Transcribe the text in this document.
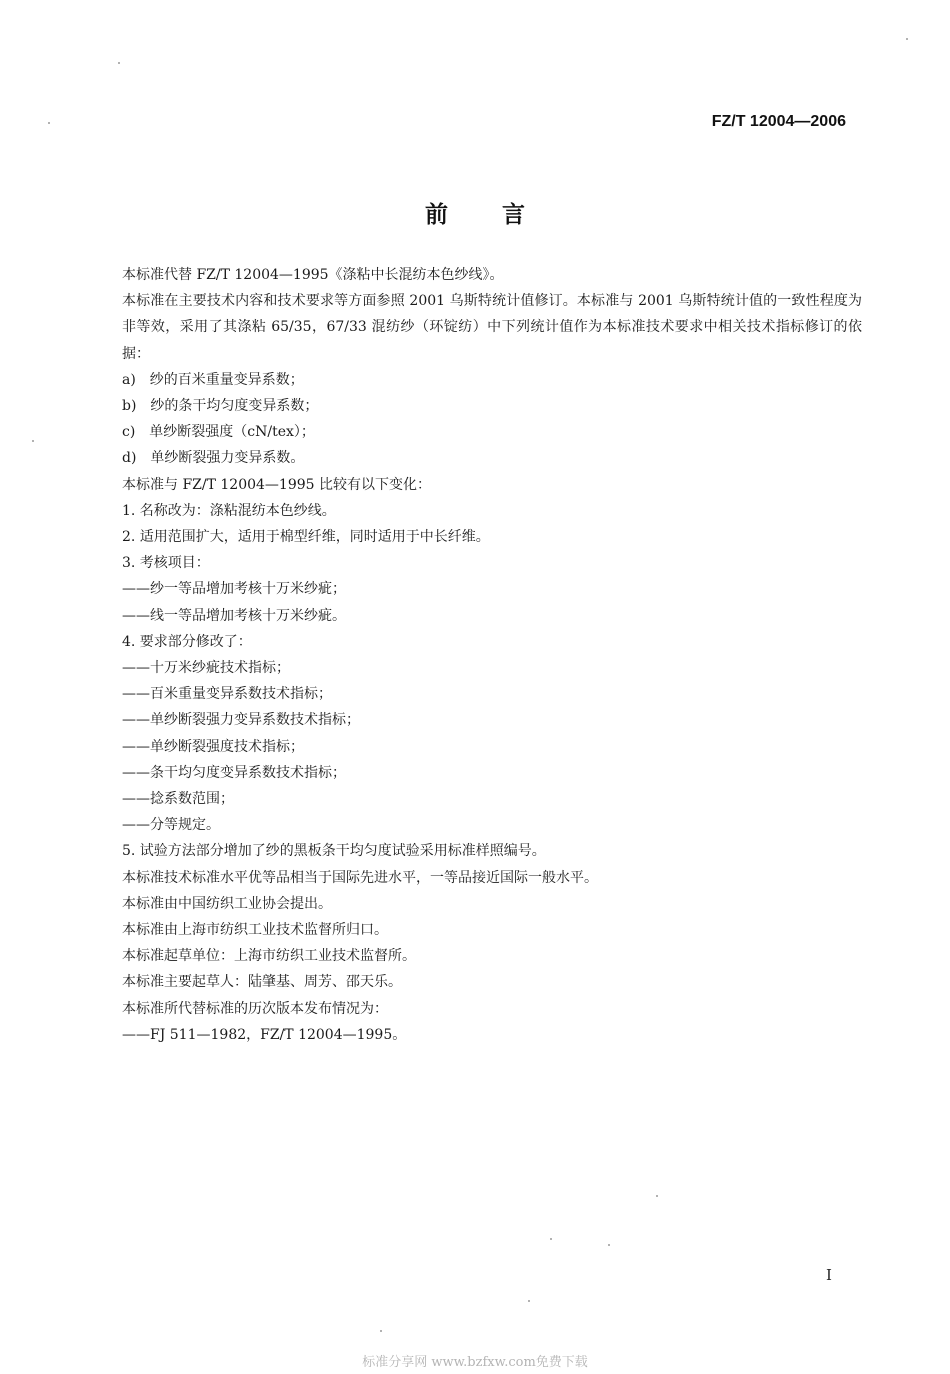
FZ/T 12004—2006
前言

本标准代替 FZ/T 12004—1995《涤粘中长混纺本色纱线》。

本标准在主要技术内容和技术要求等方面参照 2001 乌斯特统计值修订。本标准与 2001 乌斯特统计值的一致性程度为非等效，采用了其涤粘 65/35，67/33 混纺纱（环锭纺）中下列统计值作为本标准技术要求中相关技术指标修订的依据：

a)　纱的百米重量变异系数；

b)　纱的条干均匀度变异系数；

c)　单纱断裂强度（cN/tex）；

d)　单纱断裂强力变异系数。

本标准与 FZ/T 12004—1995 比较有以下变化：

1. 名称改为：涤粘混纺本色纱线。

2. 适用范围扩大，适用于棉型纤维，同时适用于中长纤维。

3. 考核项目：

——纱一等品增加考核十万米纱疵；

——线一等品增加考核十万米纱疵。

4. 要求部分修改了：

——十万米纱疵技术指标；

——百米重量变异系数技术指标；

——单纱断裂强力变异系数技术指标；

——单纱断裂强度技术指标；

——条干均匀度变异系数技术指标；

——捻系数范围；

——分等规定。

5. 试验方法部分增加了纱的黑板条干均匀度试验采用标准样照编号。

本标准技术标准水平优等品相当于国际先进水平，一等品接近国际一般水平。

本标准由中国纺织工业协会提出。

本标准由上海市纺织工业技术监督所归口。

本标准起草单位：上海市纺织工业技术监督所。

本标准主要起草人：陆肇基、周芳、邵天乐。

本标准所代替标准的历次版本发布情况为：

——FJ 511—1982，FZ/T 12004—1995。

I
标准分享网 www.bzfxw.com免费下载
